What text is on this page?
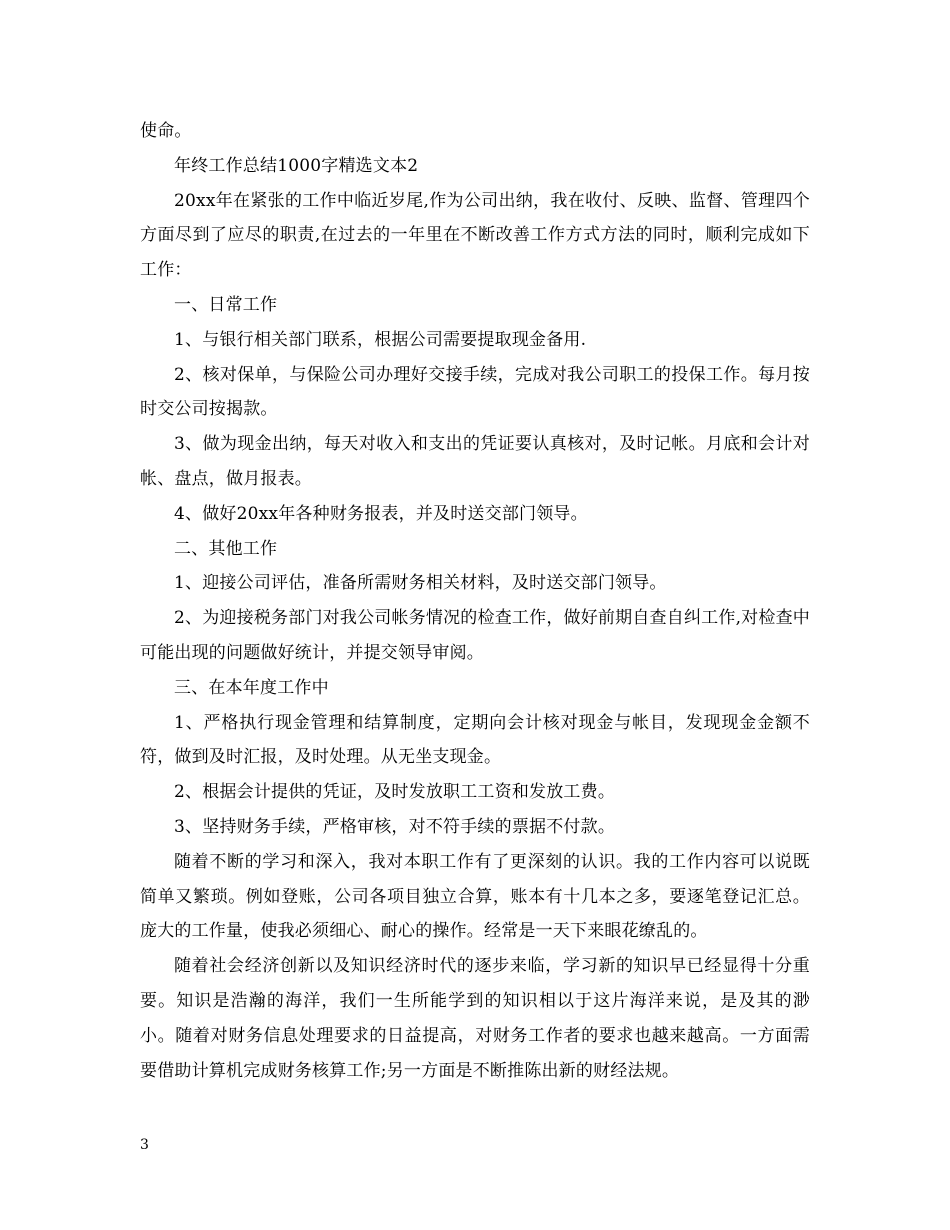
使命。

年终工作总结1000字精选文本2

20xx年在紧张的工作中临近岁尾,作为公司出纳，我在收付、反映、监督、管理四个方面尽到了应尽的职责,在过去的一年里在不断改善工作方式方法的同时，顺利完成如下工作：

一、日常工作

1、与银行相关部门联系，根据公司需要提取现金备用.

2、核对保单，与保险公司办理好交接手续，完成对我公司职工的投保工作。每月按时交公司按揭款。

3、做为现金出纳，每天对收入和支出的凭证要认真核对，及时记帐。月底和会计对帐、盘点，做月报表。

4、做好20xx年各种财务报表，并及时送交部门领导。

二、其他工作

1、迎接公司评估，准备所需财务相关材料，及时送交部门领导。

2、为迎接税务部门对我公司帐务情况的检查工作，做好前期自查自纠工作,对检查中可能出现的问题做好统计，并提交领导审阅。

三、在本年度工作中

1、严格执行现金管理和结算制度，定期向会计核对现金与帐目，发现现金金额不符，做到及时汇报，及时处理。从无坐支现金。

2、根据会计提供的凭证，及时发放职工工资和发放工费。

3、坚持财务手续，严格审核，对不符手续的票据不付款。

随着不断的学习和深入，我对本职工作有了更深刻的认识。我的工作内容可以说既简单又繁琐。例如登账，公司各项目独立合算，账本有十几本之多，要逐笔登记汇总。庞大的工作量，使我必须细心、耐心的操作。经常是一天下来眼花缭乱的。

随着社会经济创新以及知识经济时代的逐步来临，学习新的知识早已经显得十分重要。知识是浩瀚的海洋，我们一生所能学到的知识相以于这片海洋来说，是及其的渺小。随着对财务信息处理要求的日益提高，对财务工作者的要求也越来越高。一方面需要借助计算机完成财务核算工作;另一方面是不断推陈出新的财经法规。

3
